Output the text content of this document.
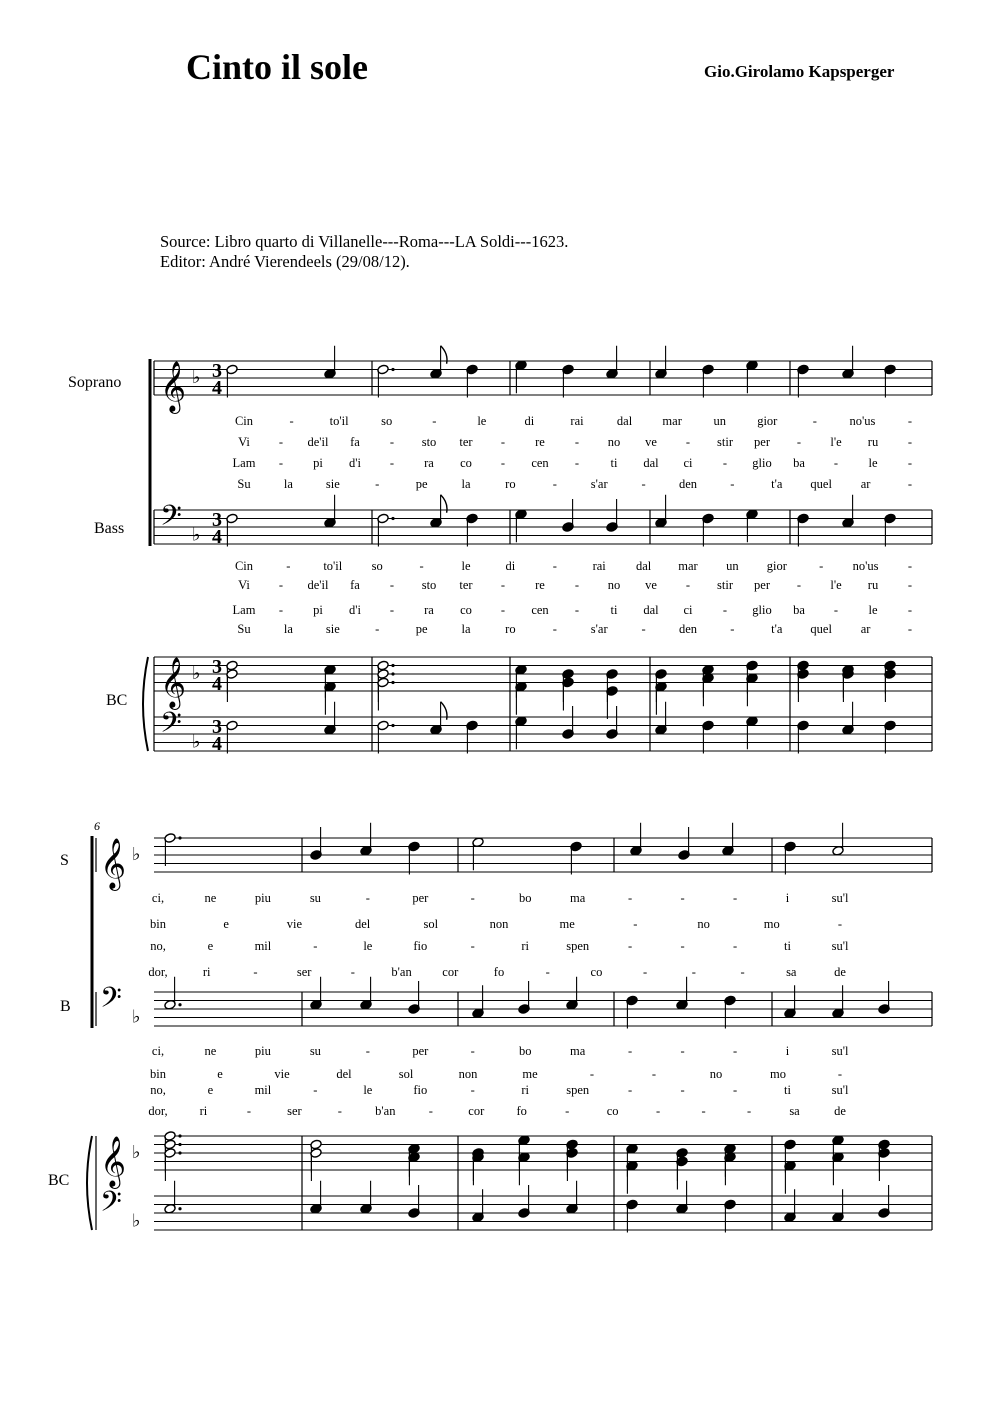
Cinto il sole	Gio.Girolamo Kapsperger
Source: Libro quarto di Villanelle---Roma---LA Soldi---1623.
Editor: André Vierendeels (29/08/12).
Soprano
Bass
BC
S
B
BC
𝄞 ♭
𝄢 ♭
𝄞 ♭
𝄢 ♭
3
4
3
4
3
4
3
4
𝄞 ♭
𝄢 ♭
𝄞 ♭
𝄢 ♭
6
Cin	-	to'il	so	-	le	di	rai	dal mar	un	gior	-	no'us	-
Vi - de'il fa - sto ter - re - no ve - stir per - l'e ru -
Lam - pi d'i - ra co - cen -	ti dal ci - glio ba - le -
Su	la	sie	-	pe	la	ro	-	s'ar	-	den	-	t'a quel ar	-
Cin	-	to'il so	-	le	di	-	rai dal mar un gior	- no'us -
Vi - de'il fa - sto ter - re - no ve - stir per - l'e ru -
Lam - pi d'i - ra co - cen -	ti dal ci - glio ba - le -
Su	la	sie	-	pe	la	ro	-	s'ar	-	den	-	t'a quel ar	-
ci,	ne	piu	su	-	per	-	bo	ma	-	-	-	i	su'l
bin	e	vie	del	sol	non	me	-	no	mo	-
no,	e	mil	-	le	fio	-	ri	spen	-	-	-	ti	su'l
dor,	ri	-	ser	-	b'an cor	fo	-	co	-	-	-	sa	de
ci,	ne	piu	su	-	per	-	bo	ma	-	-	-	i	su'l
bin	e	vie	del	sol	non	me	-	-	no	mo	-
no,	e	mil	-	le	fio	-	ri	spen	-	-	-	ti	su'l
dor,	ri	-	ser	-	b'an	-	cor	fo	-	co	-	-	-	sa	de
